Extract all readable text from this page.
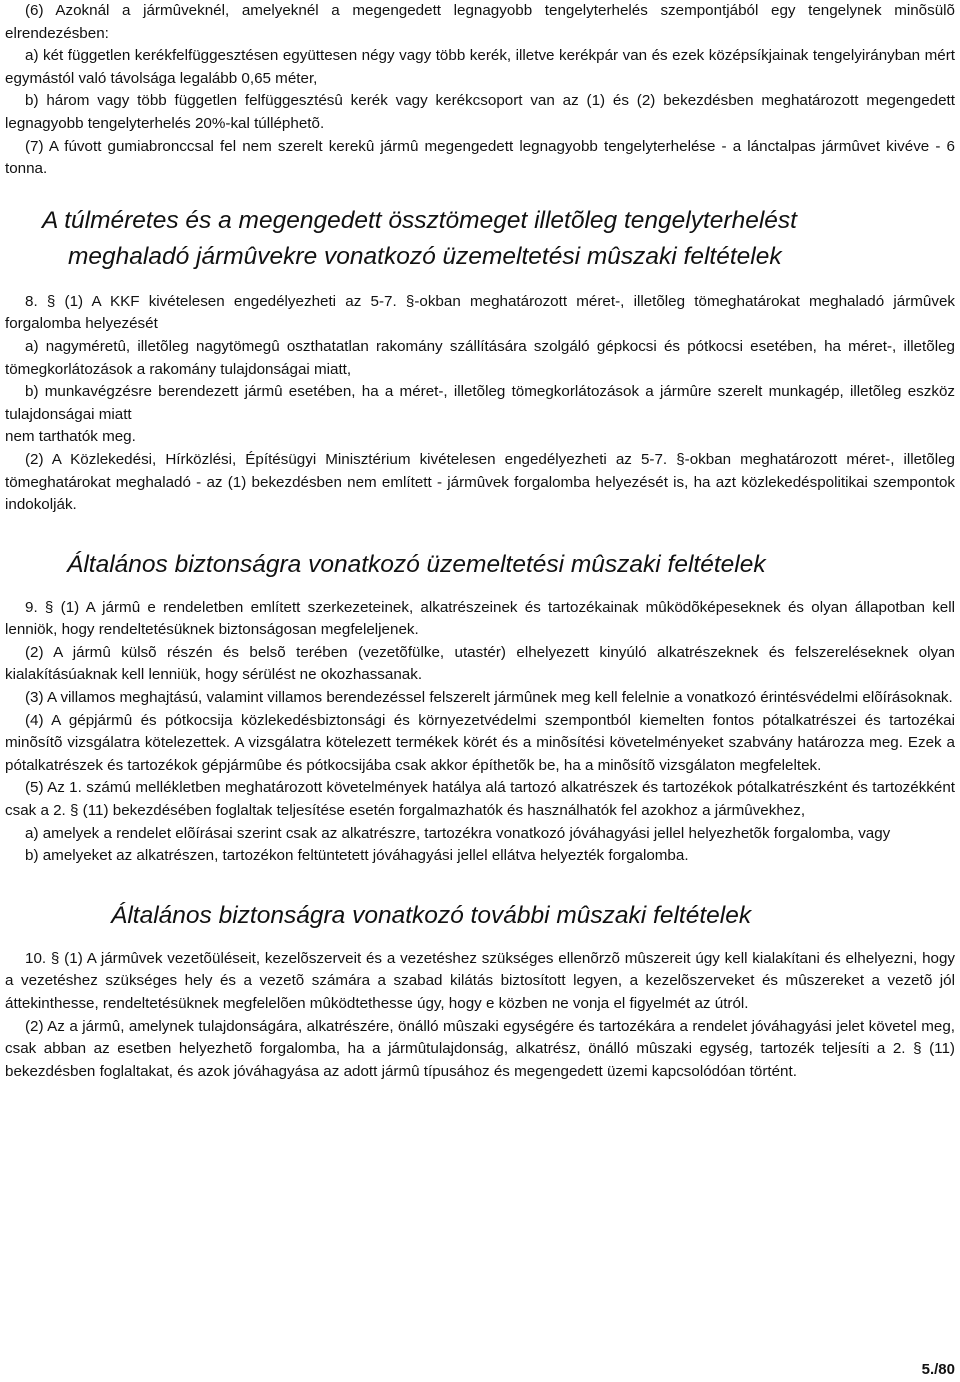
(6) Azoknál a jármûveknél, amelyeknél a megengedett legnagyobb tengelyterhelés szempontjából egy tengelynek minõsülõ elrendezésben:

a) két független kerékfelfüggesztésen együttesen négy vagy több kerék, illetve kerékpár van és ezek középsíkjainak tengelyirányban mért egymástól való távolsága legalább 0,65 méter,

b) három vagy több független felfüggesztésû kerék vagy kerékcsoport van az (1) és (2) bekezdésben meghatározott megengedett legnagyobb tengelyterhelés 20%-kal túlléphetõ.

(7) A fúvott gumiabronccsal fel nem szerelt kerekû jármû megengedett legnagyobb tengelyterhelése - a lánctalpas jármûvet kivéve - 6 tonna.

A túlméretes és a megengedett össztömeget illetõleg tengelyterhelést
meghaladó jármûvekre vonatkozó üzemeltetési mûszaki feltételek

8. § (1) A KKF kivételesen engedélyezheti az 5-7. §-okban meghatározott méret-, illetõleg tömeghatárokat meghaladó jármûvek forgalomba helyezését

a) nagyméretû, illetõleg nagytömegû oszthatatlan rakomány szállítására szolgáló gépkocsi és pótkocsi esetében, ha méret-, illetõleg tömegkorlátozások a rakomány tulajdonságai miatt,

b) munkavégzésre berendezett jármû esetében, ha a méret-, illetõleg tömegkorlátozások a jármûre szerelt munkagép, illetõleg eszköz tulajdonságai miatt

nem tarthatók meg.

(2) A Közlekedési, Hírközlési, Építésügyi Minisztérium kivételesen engedélyezheti az 5-7. §-okban meghatározott méret-, illetõleg tömeghatárokat meghaladó - az (1) bekezdésben nem említett - jármûvek forgalomba helyezését is, ha azt közlekedéspolitikai szempontok indokolják.

Általános biztonságra vonatkozó üzemeltetési mûszaki feltételek

9. § (1) A jármû e rendeletben említett szerkezeteinek, alkatrészeinek és tartozékainak mûködõképeseknek és olyan állapotban kell lenniök, hogy rendeltetésüknek biztonságosan megfeleljenek.

(2) A jármû külsõ részén és belsõ terében (vezetõfülke, utastér) elhelyezett kinyúló alkatrészeknek és felszereléseknek olyan kialakításúaknak kell lenniük, hogy sérülést ne okozhassanak.

(3) A villamos meghajtású, valamint villamos berendezéssel felszerelt jármûnek meg kell felelnie a vonatkozó érintésvédelmi elõírásoknak.

(4) A gépjármû és pótkocsija közlekedésbiztonsági és környezetvédelmi szempontból kiemelten fontos pótalkatrészei és tartozékai minõsítõ vizsgálatra kötelezettek. A vizsgálatra kötelezett termékek körét és a minõsítési követelményeket szabvány határozza meg. Ezek a pótalkatrészek és tartozékok gépjármûbe és pótkocsijába csak akkor építhetõk be, ha a minõsítõ vizsgálaton megfeleltek.

(5) Az 1. számú mellékletben meghatározott követelmények hatálya alá tartozó alkatrészek és tartozékok pótalkatrészként és tartozékként csak a 2. § (11) bekezdésében foglaltak teljesítése esetén forgalmazhatók és használhatók fel azokhoz a jármûvekhez,

a) amelyek a rendelet elõírásai szerint csak az alkatrészre, tartozékra vonatkozó jóváhagyási jellel helyezhetõk forgalomba, vagy

b) amelyeket az alkatrészen, tartozékon feltüntetett jóváhagyási jellel ellátva helyezték forgalomba.

Általános biztonságra vonatkozó további mûszaki feltételek

10. § (1) A jármûvek vezetõüléseit, kezelõszerveit és a vezetéshez szükséges ellenõrzõ mûszereit úgy kell kialakítani és elhelyezni, hogy a vezetéshez szükséges hely és a vezetõ számára a szabad kilátás biztosított legyen, a kezelõszerveket és mûszereket a vezetõ jól áttekinthesse, rendeltetésüknek megfelelõen mûködtethesse úgy, hogy e közben ne vonja el figyelmét az útról.

(2) Az a jármû, amelynek tulajdonságára, alkatrészére, önálló mûszaki egységére és tartozékára a rendelet jóváhagyási jelet követel meg, csak abban az esetben helyezhetõ forgalomba, ha a jármûtulajdonság, alkatrész, önálló mûszaki egység, tartozék teljesíti a 2. § (11) bekezdésben foglaltakat, és azok jóváhagyása az adott jármû típusához és megengedett üzemi kapcsolódóan történt.

5./80
